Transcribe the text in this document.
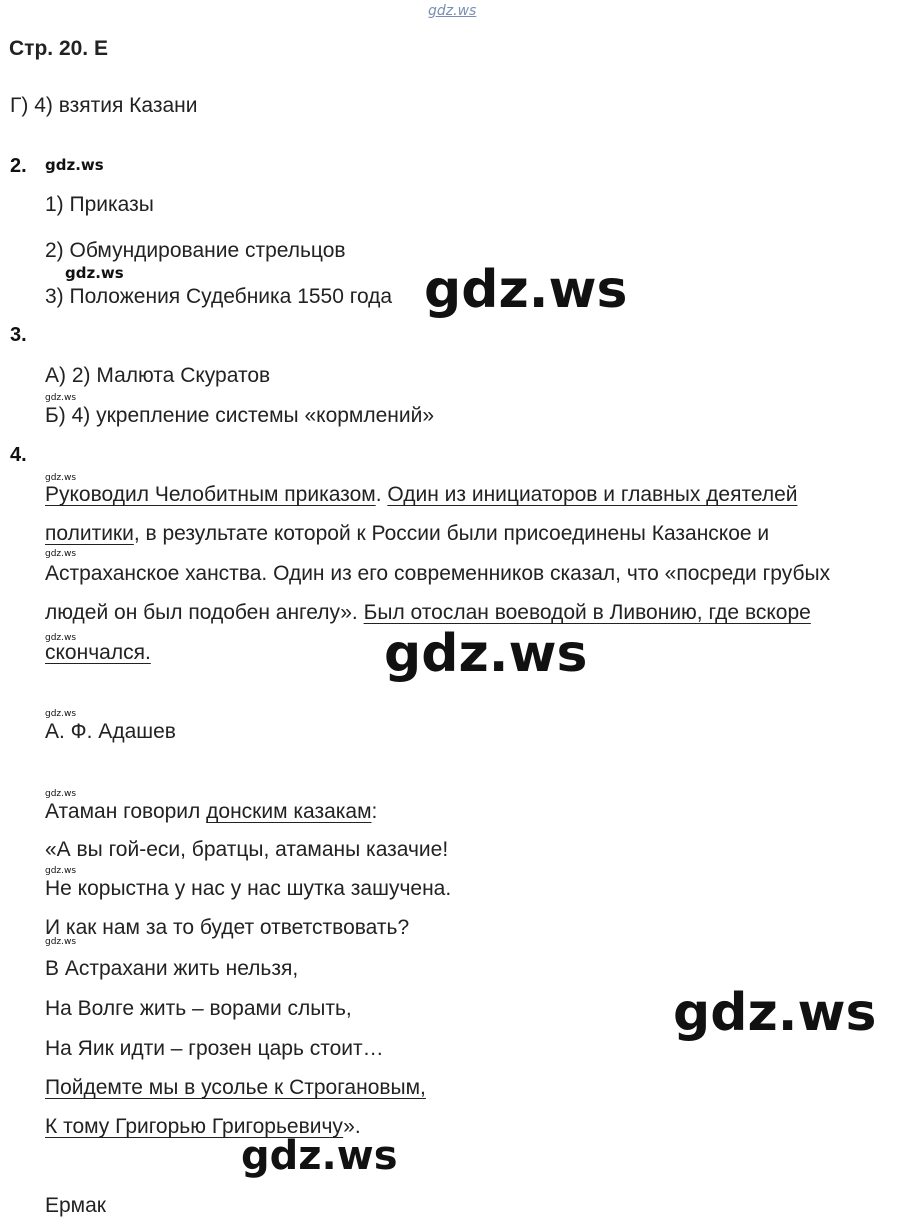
gdz.ws
Стр. 20. Е
Г) 4) взятия Казани
2. gdz.ws
1) Приказы
2) Обмундирование стрельцов
gdz.ws
3) Положения Судебника 1550 года gdz.ws
3.
А) 2) Малюта Скуратов
gdz.ws
Б) 4) укрепление системы «кормлений»
4.
gdz.ws
Руководил Челобитным приказом. Один из инициаторов и главных деятелей
политики, в результате которой к России были присоединены Казанское и
gdz.ws
Астраханское ханства. Один из его современников сказал, что «посреди грубых
людей он был подобен ангелу». Был отослан воеводой в Ливонию, где вскоре
gdz.ws
скончался.	gdz.ws
gdz.ws
А. Ф. Адашев
gdz.ws
Атаман говорил донским казакам:
«А вы гой-еси, братцы, атаманы казачие!
gdz.ws
Не корыстна у нас у нас шутка зашучена.
И как нам за то будет ответствовать?
gdz.ws
В Астрахани жить нельзя,
На Волге жить – ворами слыть,
На Яик идти – грозен царь стоит…
gdz.ws
Пойдемте мы в усолье к Строгановым,
К тому Григорью Григорьевичу».
gdz.ws
Ермак
